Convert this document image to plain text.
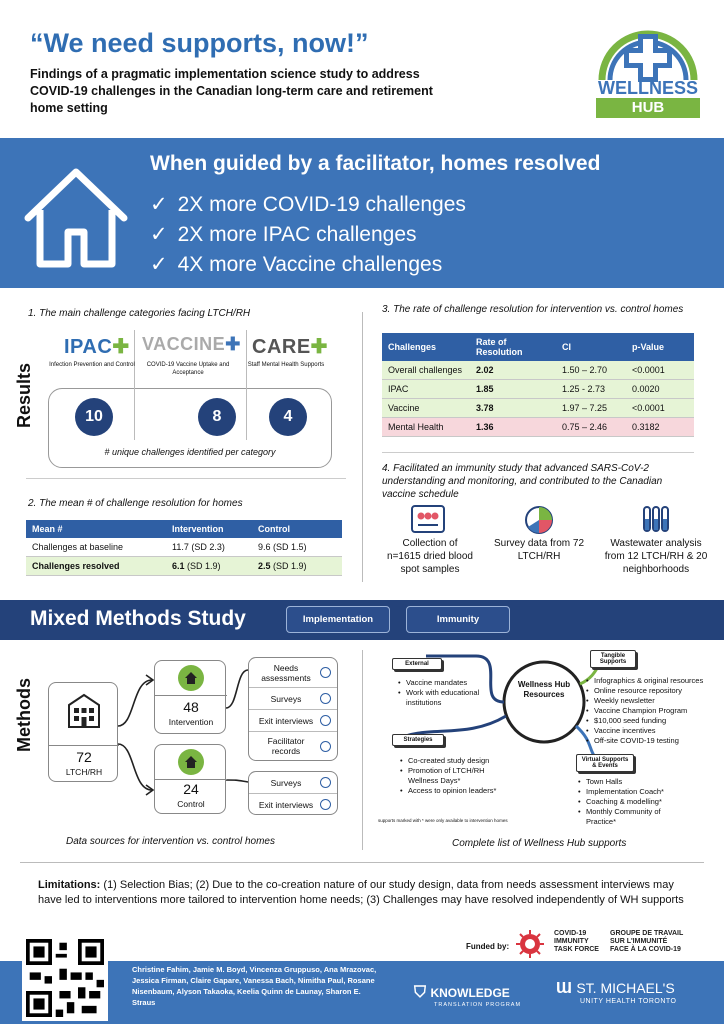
“We need supports, now!”
Findings of a pragmatic implementation science study to address COVID-19 challenges in the Canadian long-term care and retirement home setting
WELLNESS
HUB
When guided by a facilitator, homes resolved
✓ 2X more COVID-19 challenges
✓ 2X more IPAC challenges
✓ 4X more Vaccine challenges
Results
1. The main challenge categories facing LTCH/RH
IPAC✚
Infection Prevention and Control
10
VACCINE✚
COVID-19 Vaccine Uptake and Acceptance
8
CARE✚
Staff Mental Health Supports
4
# unique challenges identified per category
2. The mean # of challenge resolution for homes
Mean #	Intervention	Control
Challenges at baseline	11.7 (SD 2.3)	9.6 (SD 1.5)
Challenges resolved	6.1 (SD 1.9)	2.5 (SD 1.9)
3. The rate of challenge resolution for intervention vs. control homes
Challenges	Rate of Resolution	CI	p-Value
Overall challenges	2.02	1.50 – 2.70	<0.0001
IPAC	1.85	1.25 - 2.73	0.0020
Vaccine	3.78	1.97 – 7.25	<0.0001
Mental Health	1.36	0.75 – 2.46	0.3182
4. Facilitated an immunity study that advanced SARS-CoV-2 understanding and monitoring, and contributed to the Canadian vaccine schedule
Collection of n=1615 dried blood spot samples
Survey data from 72 LTCH/RH
Wastewater analysis from 12 LTCH/RH & 20 neighborhoods
Mixed Methods Study	Implementation	Immunity
Methods
72
LTCH/RH
48
Intervention
24
Control
Needs assessments
Surveys
Exit interviews
Facilitator records
Surveys
Exit interviews
Data sources for intervention vs. control homes
Wellness Hub Resources
External
• Vaccine mandates
• Work with educational institutions
Strategies
• Co-created study design
• Promotion of LTCH/RH Wellness Days*
• Access to opinion leaders*
supports marked with * were only available to intervention homes
Tangible Supports
• Infographics & original resources
• Online resource repository
• Weekly newsletter
• Vaccine Champion Program
• $10,000 seed funding
• Vaccine incentives
• Off-site COVID-19 testing
Virtual Supports & Events
• Town Halls
• Implementation Coach*
• Coaching & modelling*
• Monthly Community of Practice*
Complete list of Wellness Hub supports
Limitations: (1) Selection Bias; (2) Due to the co-creation nature of our study design, data from needs assessment interviews may have led to interventions more tailored to intervention home needs; (3) Challenges may have resolved independently of WH supports
Funded by:
COVID-19
IMMUNITY
TASK FORCE
GROUPE DE TRAVAIL
SUR L'IMMUNITÉ
FACE À LA COVID-19
Christine Fahim, Jamie M. Boyd, Vincenza Gruppuso, Ana Mrazovac, Jessica Firman, Claire Gapare, Vanessa Bach, Nimitha Paul, Rosane Nisenbaum, Alyson Takaoka, Keelia Quinn de Launay, Sharon E. Straus
⛉ KNOWLEDGE
TRANSLATION PROGRAM
Ɯ ST. MICHAEL'S
UNITY HEALTH TORONTO
